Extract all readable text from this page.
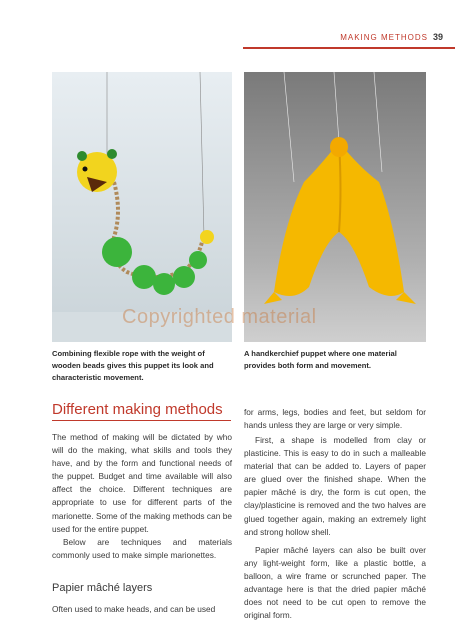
MAKING METHODS 39
Copyrighted material
Combining flexible rope with the weight of wooden beads gives this puppet its look and characteristic movement.
A handkerchief puppet where one material provides both form and movement.
Different making methods

The method of making will be dictated by who will do the making, what skills and tools they have, and by the form and functional needs of the puppet. Budget and time available will also affect the choice. Different techniques are appropriate to use for different parts of the marionette. Some of the making methods can be used for the entire puppet.

Below are techniques and materials commonly used to make simple marionettes.

Papier mâché layers

Often used to make heads, and can be used

for arms, legs, bodies and feet, but seldom for hands unless they are large or very simple.

First, a shape is modelled from clay or plasticine. This is easy to do in such a malleable material that can be added to. Layers of paper are glued over the finished shape. When the papier mâché is dry, the form is cut open, the clay/plasticine is removed and the two halves are glued together again, making an extremely light and strong hollow shell.

Papier mâché layers can also be built over any light-weight form, like a plastic bottle, a balloon, a wire frame or scrunched paper. The advantage here is that the dried papier mâché does not need to be cut open to remove the original form.
